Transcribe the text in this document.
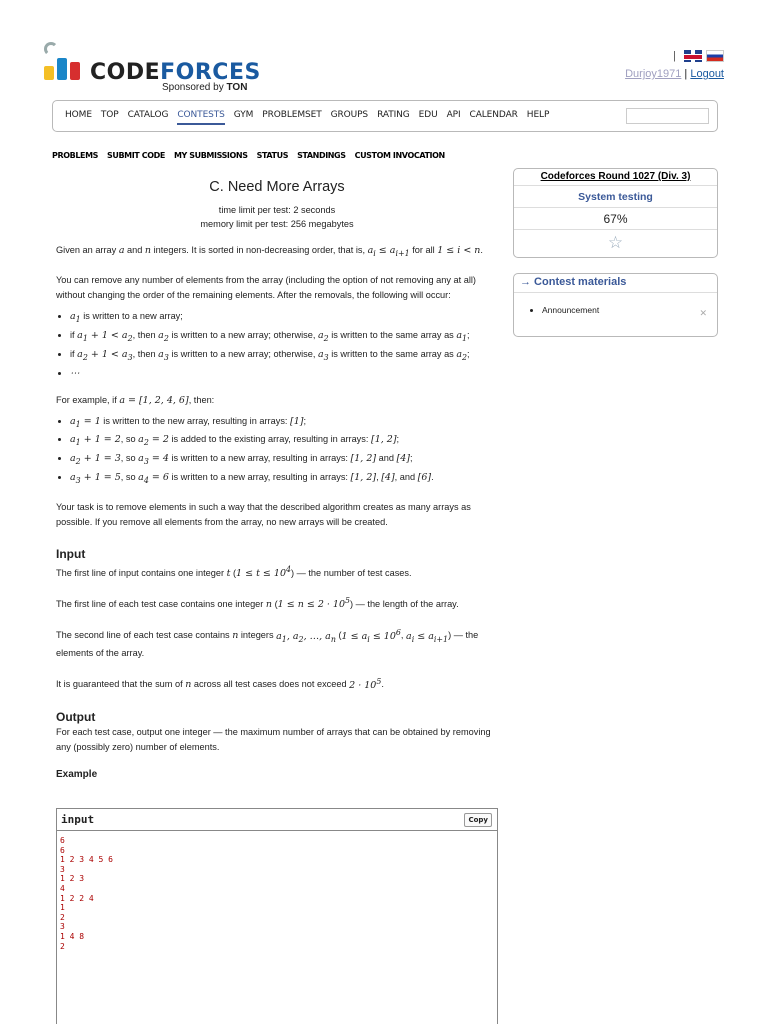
CODEFORCES
Sponsored by TON
|
Durjoy1971 | Logout
HOME TOP CATALOG CONTESTS GYM PROBLEMSET GROUPS RATING EDU API CALENDAR HELP
PROBLEMS SUBMIT CODE MY SUBMISSIONS STATUS STANDINGS CUSTOM INVOCATION
C. Need More Arrays
time limit per test: 2 seconds
memory limit per test: 256 megabytes

Given an array a and n integers. It is sorted in non-decreasing order, that is, $a_i \le a_{i+1}$ for all 1 ≤ i < n.

You can remove any number of elements from the array (including the option of not removing any at all) without changing the order of the remaining elements. After the removals, the following will occur:

• $a_1$ is written to a new array;
• if $a_1 + 1 < a_2$, then $a_2$ is written to a new array; otherwise, $a_2$ is written to the same array as $a_1$;
• if $a_2 + 1 < a_3$, then $a_3$ is written to a new array; otherwise, $a_3$ is written to the same array as $a_2$;
• ⋯

For example, if a = [1, 2, 4, 6], then:

• $a_1 = 1$ is written to the new array, resulting in arrays: [1];
• $a_1 + 1 = 2$, so $a_2 = 2$ is added to the existing array, resulting in arrays: [1, 2];
• $a_2 + 1 = 3$, so $a_3 = 4$ is written to a new array, resulting in arrays: [1, 2] and [4];
• $a_3 + 1 = 5$, so $a_4 = 6$ is written to a new array, resulting in arrays: [1, 2], [4], and [6].

Your task is to remove elements in such a way that the described algorithm creates as many arrays as possible. If you remove all elements from the array, no new arrays will be created.

Input

The first line of input contains one integer t $(1 \le t \le 10^4)$ — the number of test cases.

The first line of each test case contains one integer n $(1 \le n \le 2 \cdot 10^5)$ — the length of the array.

The second line of each test case contains n integers $a_1$, $a_2$, …, $a_n$ ($1 \le a_i \le 10^6$, $a_i \le a_{i+1}$) — the elements of the array.

It is guaranteed that the sum of n across all test cases does not exceed $2 \cdot 10^5$.

Output

For each test case, output one integer — the maximum number of arrays that can be obtained by removing any (possibly zero) number of elements.

Example
input	Copy
6
6
1 2 3 4 5 6
3
1 2 3
4
1 2 2 4
1
2
3
1 4 8
2
Codeforces Round 1027 (Div. 3)
System testing
67%
☆
→ Contest materials
• Announcement	✕
